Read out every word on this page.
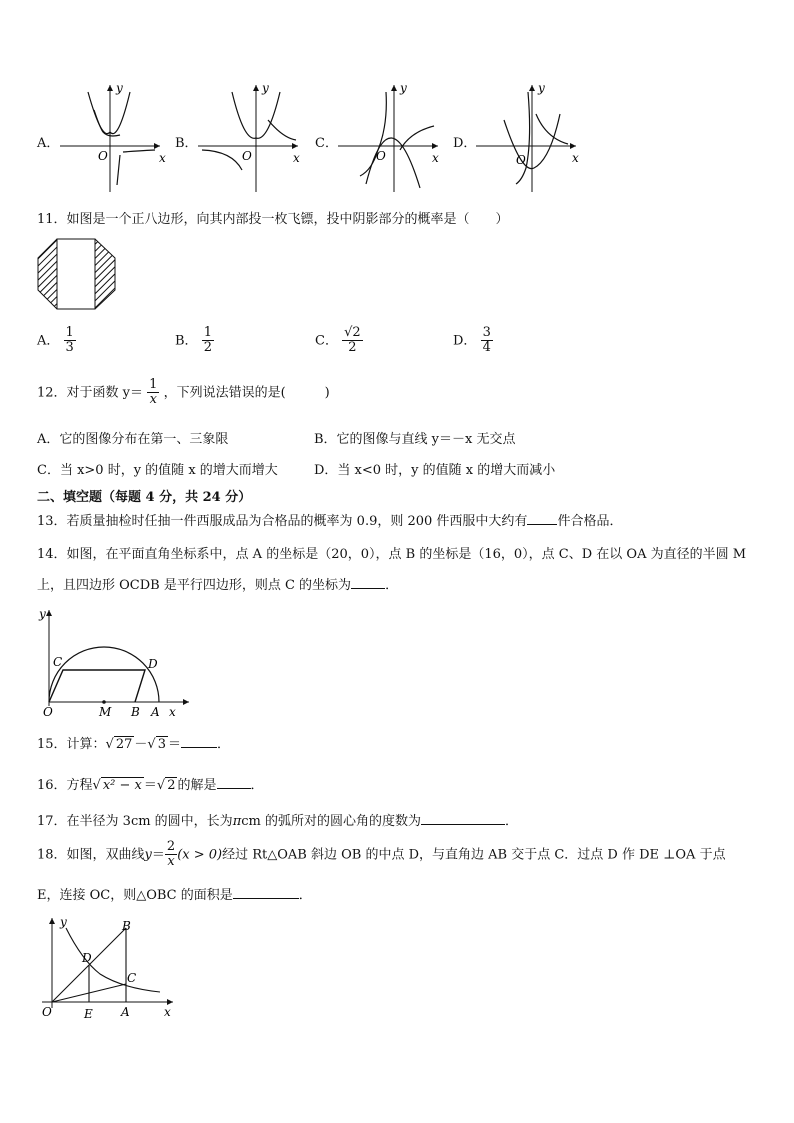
A．
y
x
O
B．
y
x
O
C．
y
x
O
D．
y
x
O
11．如图是一个正八边形，向其内部投一枚飞镖，投中阴影部分的概率是（　　）
A． $\frac{1}{3}$	B． $\frac{1}{2}$	C． $\frac{√2}{2}$	D． $\frac{3}{4}$
12．对于函数 $y= \frac{1}{x}$ ，下列说法错误的是(　　　)
A．它的图像分布在第一、三象限	B．它的图像与直线 y＝－x 无交点
C．当 x>0 时，y 的值随 x 的增大而增大	D．当 x<0 时，y 的值随 x 的增大而减小
二、填空题（每题 4 分，共 24 分）
13．若质量抽检时任抽一件西服成品为合格品的概率为 0.9，则 200 件西服中大约有 件合格品．
14．如图，在平面直角坐标系中，点 A 的坐标是（20，0），点 B 的坐标是（16，0），点 C、D 在以 OA 为直径的半圆 M
上，且四边形 OCDB 是平行四边形，则点 C 的坐标为	．
y
x
O	M B A
C	D
15．计算：√ 27 －√ 3 ＝	．
16．方程√ x² − x ＝√ 2 的解是	．
17．在半径为 3cm 的圆中，长为πcm 的弧所对的圆心角的度数为	．
18．如图，双曲线$y= \frac{2}{x} (x > 0)$经过 Rt△OAB 斜边 OB 的中点 D，与直角边 AB 交于点 C．过点 D 作 DE ⊥OA 于点
E，连接 OC，则△OBC 的面积是	．
y
x
O	E A
B
C
D
